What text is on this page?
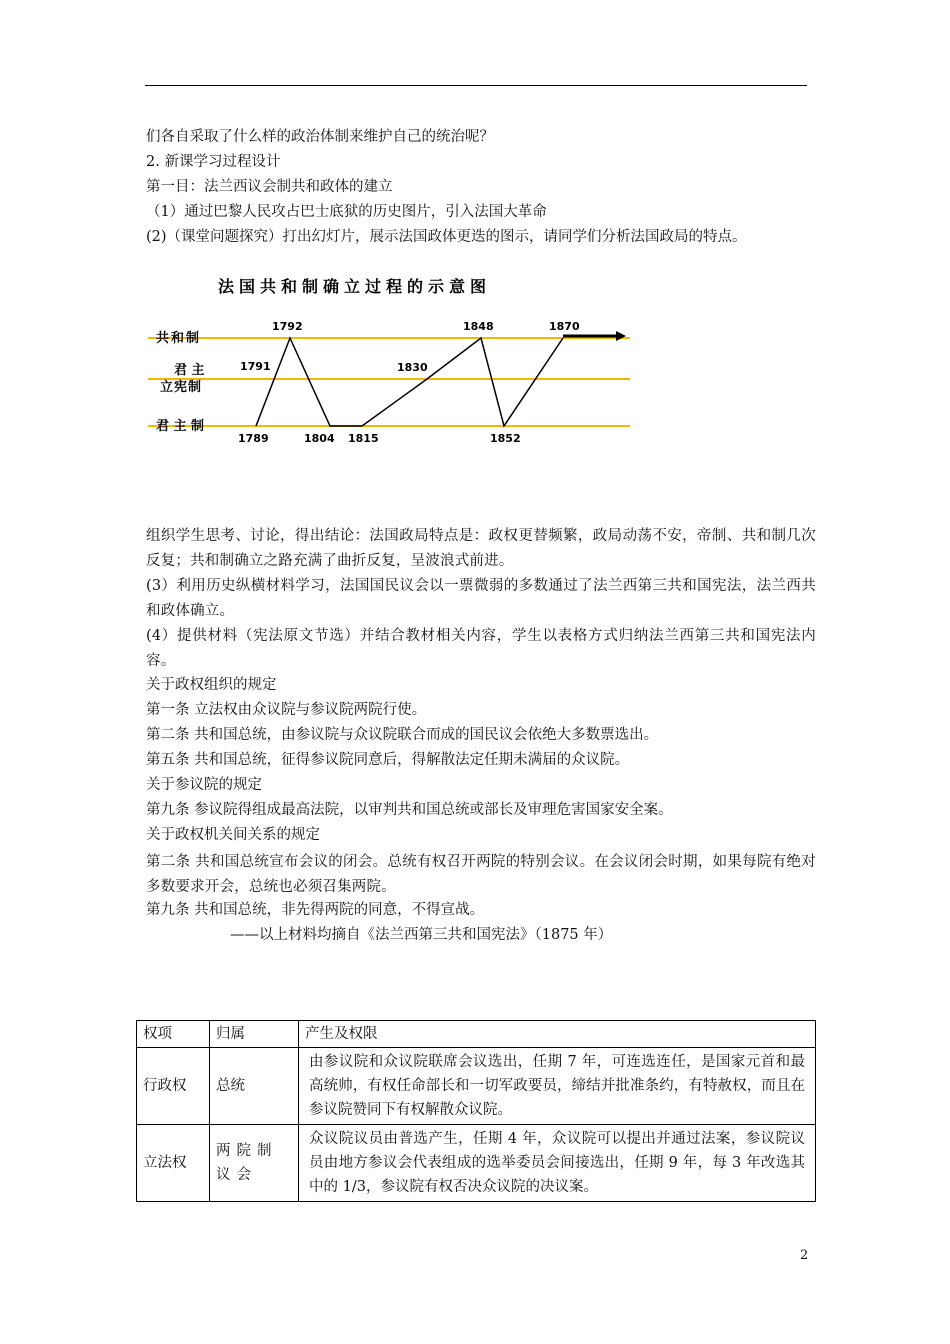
们各自采取了什么样的政治体制来维护自己的统治呢？
2. 新课学习过程设计
第一目：法兰西议会制共和政体的建立
（1）通过巴黎人民攻占巴士底狱的历史图片，引入法国大革命
(2)（课堂问题探究）打出幻灯片，展示法国政体更迭的图示，请同学们分析法国政局的特点。
法国共和制确立过程的示意图
共和制
君 主
立宪制
君 主 制
1789
1792
1804 1815
1830
1848
1852
1870
1791
组织学生思考、讨论，得出结论：法国政局特点是：政权更替频繁，政局动荡不安，帝制、共和制几次反复；共和制确立之路充满了曲折反复，呈波浪式前进。
(3）利用历史纵横材料学习，法国国民议会以一票微弱的多数通过了法兰西第三共和国宪法，法兰西共和政体确立。
(4）提供材料（宪法原文节选）并结合教材相关内容，学生以表格方式归纳法兰西第三共和国宪法内容。
关于政权组织的规定
第一条 立法权由众议院与参议院两院行使。
第二条 共和国总统，由参议院与众议院联合而成的国民议会依绝大多数票选出。
第五条 共和国总统，征得参议院同意后，得解散法定任期未满届的众议院。
关于参议院的规定
第九条 参议院得组成最高法院，以审判共和国总统或部长及审理危害国家安全案。
关于政权机关间关系的规定
第二条 共和国总统宣布会议的闭会。总统有权召开两院的特别会议。在会议闭会时期，如果每院有绝对多数要求开会，总统也必须召集两院。
第九条 共和国总统，非先得两院的同意，不得宣战。
——以上材料均摘自《法兰西第三共和国宪法》（1875 年）
权项	归属	产生及权限
行政权	总统	由参议院和众议院联席会议选出，任期 7 年，可连选连任，是国家元首和最高统帅，有权任命部长和一切军政要员，缔结并批准条约，有特赦权，而且在参议院赞同下有权解散众议院。
立法权	两院制议会	众议院议员由普选产生，任期 4 年，众议院可以提出并通过法案，参议院议员由地方参议会代表组成的选举委员会间接选出，任期 9 年，每 3 年改选其中的 1/3，参议院有权否决众议院的决议案。
2
